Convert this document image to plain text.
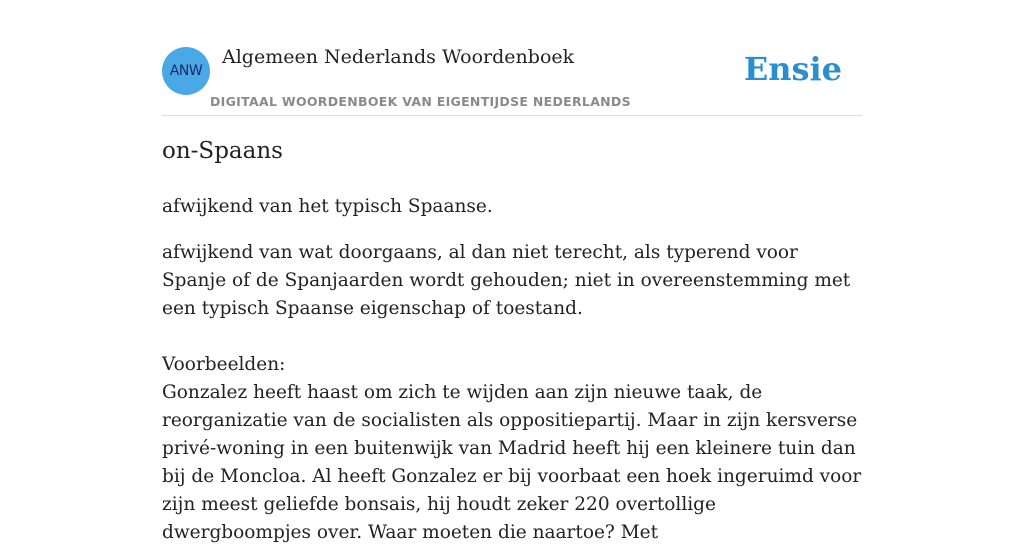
ANW
Algemeen Nederlands Woordenboek
DIGITAAL WOORDENBOEK VAN EIGENTIJDSE NEDERLANDS
Ensie
on-Spaans

afwijkend van het typisch Spaanse.

afwijkend van wat doorgaans, al dan niet terecht, als typerend voor Spanje of de Spanjaarden wordt gehouden; niet in overeenstemming met een typisch Spaanse eigenschap of toestand.
Voorbeelden:
Gonzalez heeft haast om zich te wijden aan zijn nieuwe taak, de reorganizatie van de socialisten als oppositiepartij. Maar in zijn kersverse privé-woning in een buitenwijk van Madrid heeft hij een kleinere tuin dan bij de Moncloa. Al heeft Gonzalez er bij voorbaat een hoek ingeruimd voor zijn meest geliefde bonsais, hij houdt zeker 220 overtollige dwergboompjes over. Waar moeten die naartoe? Met
